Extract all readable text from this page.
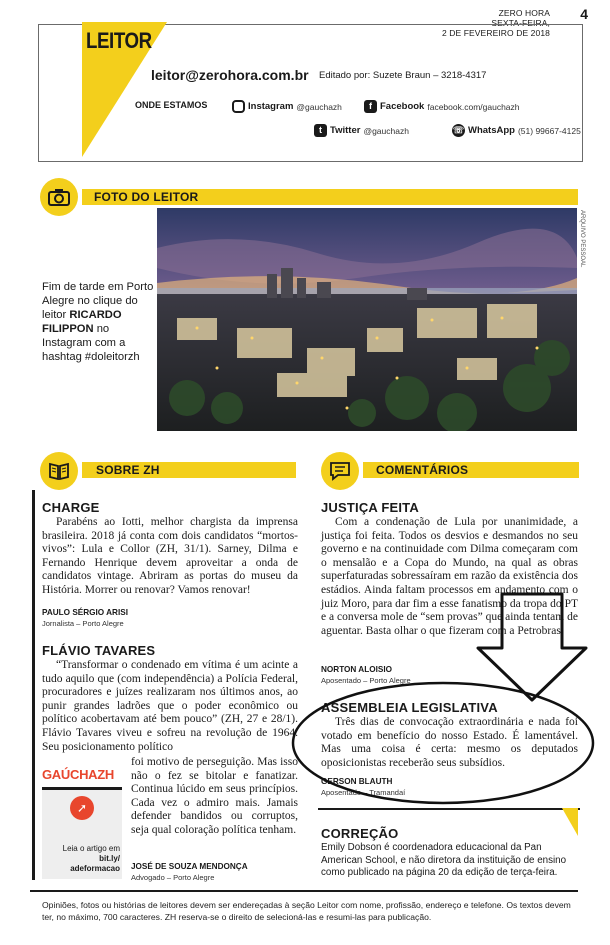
ZERO HORA
SEXTA-FEIRA,
2 DE FEVEREIRO DE 2018
4
LEITOR
leitor@zerohora.com.br Editado por: Suzete Braun – 3218-4317
ONDE ESTAMOS	Instagram @gauchazh	f Facebook facebook.com/gauchazh
t Twitter @gauchazh	☏ WhatsApp (51) 99667-4125
FOTO DO LEITOR
ARQUIVO PESSOAL
Fim de tarde em Porto Alegre no clique do leitor RICARDO FILIPPON no Instagram com a hashtag #doleitorzh
SOBRE ZH	COMENTÁRIOS
CHARGE
Parabéns ao Iotti, melhor chargista da imprensa brasileira. 2018 já conta com dois candidatos “mortos-vivos”: Lula e Collor (ZH, 31/1). Sarney, Dilma e Fernando Henrique devem aproveitar a onda de candidatos vintage. Abriram as portas do museu da História. Morrer ou renovar? Vamos renovar!
PAULO SÉRGIO ARISI
Jornalista – Porto Alegre
FLÁVIO TAVARES
“Transformar o condenado em vítima é um acinte a tudo aquilo que (com independência) a Polícia Federal, procuradores e juízes realizaram nos últimos anos, ao punir grandes ladrões que o poder econômico ou político acobertavam até bem pouco” (ZH, 27 e 28/1). Flávio Tavares viveu e sofreu na revolução de 1964. Seu posicionamento político
foi motivo de perseguição. Mas isso não o fez se bitolar e fanatizar. Continua lúcido em seus princípios. Cada vez o admiro mais. Jamais defender bandidos ou corruptos, seja qual coloração política tenham.
JOSÉ DE SOUZA MENDONÇA
Advogado – Porto Alegre
GAÚCHAZH
➚
Leia o artigo em
bit.ly/
adeformacao
JUSTIÇA FEITA
Com a condenação de Lula por unanimidade, a justiça foi feita. Todos os desvios e desmandos no seu governo e na continuidade com Dilma começaram com o mensalão e a Copa do Mundo, na qual as obras superfaturadas sobressaíram em razão da existência dos estádios. Ainda faltam processos em andamento com o juiz Moro, para dar fim a esse fanatismo da tropa do PT e a conversa mole de “sem provas” que ainda tentam de aguentar. Basta olhar o que fizeram com a Petrobras.
NORTON ALOISIO
Aposentado – Porto Alegre
ASSEMBLEIA LEGISLATIVA
Três dias de convocação extraordinária e nada foi votado em benefício do nosso Estado. É lamentável. Mas uma coisa é certa: mesmo os deputados oposicionistas receberão seus subsídios.
GERSON BLAUTH
Aposentado – Tramandaí
CORREÇÃO
Emily Dobson é coordenadora educacional da Pan American School, e não diretora da instituição de ensino como publicado na página 20 da edição de terça-feira.
Opiniões, fotos ou histórias de leitores devem ser endereçadas à seção Leitor com nome, profissão, endereço e telefone. Os textos devem ter, no máximo, 700 caracteres. ZH reserva-se o direito de selecioná-las e resumi-las para publicação.
